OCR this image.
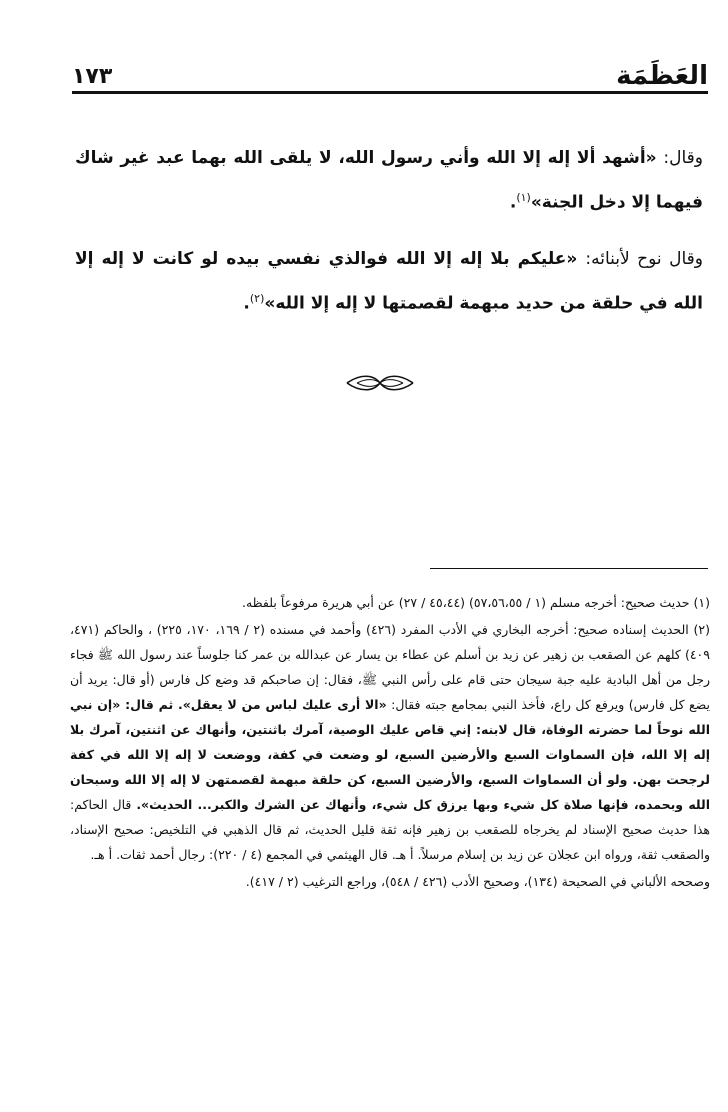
العَظَمَة
١٧٣

وقال: «أشهد ألا إله إلا الله وأني رسول الله، لا يلقى الله بهما عبد غير شاك فيهما إلا دخل الجنة»$^{(١)}$.

وقال نوح لأبنائه: «عليكم بلا إله إلا الله فوالذي نفسي بيده لو كانت لا إله إلا الله في حلقة من حديد مبهمة لقصمتها لا إله إلا الله»$^{(٢)}$.

(١) حديث صحيح: أخرجه مسلم (١ / ٥٧،٥٦،٥٥) (٤٥،٤٤ / ٢٧) عن أبي هريرة مرفوعاً بلفظه.

(٢) الحديث إسناده صحيح: أخرجه البخاري في الأدب المفرد (٤٢٦) وأحمد في مسنده (٢ / ١٦٩، ١٧٠، ٢٢٥) ، والحاكم (٤٧١، ٤٠٩) كلهم عن الصقعب بن زهير عن زيد بن أسلم عن عطاء بن يسار عن عبدالله بن عمر كنا جلوساً عند رسول الله ﷺ فجاء رجل من أهل البادية عليه جبة سيجان حتى قام على رأس النبي ﷺ، فقال: إن صاحبكم قد وضع كل فارس (أو قال: يريد أن يضع كل فارس) ويرفع كل راع، فأخذ النبي بمجامع جبته فقال: «الا أرى عليك لباس من لا يعقل». ثم قال: «إن نبي الله نوحاً لما حضرته الوفاة، قال لابنه: إني قاص عليك الوصية، آمرك باثنتين، وأنهاك عن اثنتين، آمرك بلا إله إلا الله، فإن السماوات السبع والأرضين السبع، لو وضعت في كفة، ووضعت لا إله إلا الله في كفة لرجحت بهن. ولو أن السماوات السبع، والأرضين السبع، كن حلقة مبهمة لقصمتهن لا إله إلا الله وسبحان الله وبحمده، فإنها صلاة كل شيء وبها يرزق كل شيء، وأنهاك عن الشرك والكبر... الحديث». قال الحاكم: هذا حديث صحيح الإسناد لم يخرجاه للصقعب بن زهير فإنه ثقة قليل الحديث، ثم قال الذهبي في التلخيص: صحيح الإسناد، والصقعب ثقة، ورواه ابن عجلان عن زيد بن إسلام مرسلاً. أ هـ. قال الهيثمي في المجمع (٤ / ٢٢٠): رجال أحمد ثقات. أ هـ.

وصححه الألباني في الصحيحة (١٣٤)، وصحيح الأدب (٤٢٦ / ٥٤٨)، وراجع الترغيب (٢ / ٤١٧).
